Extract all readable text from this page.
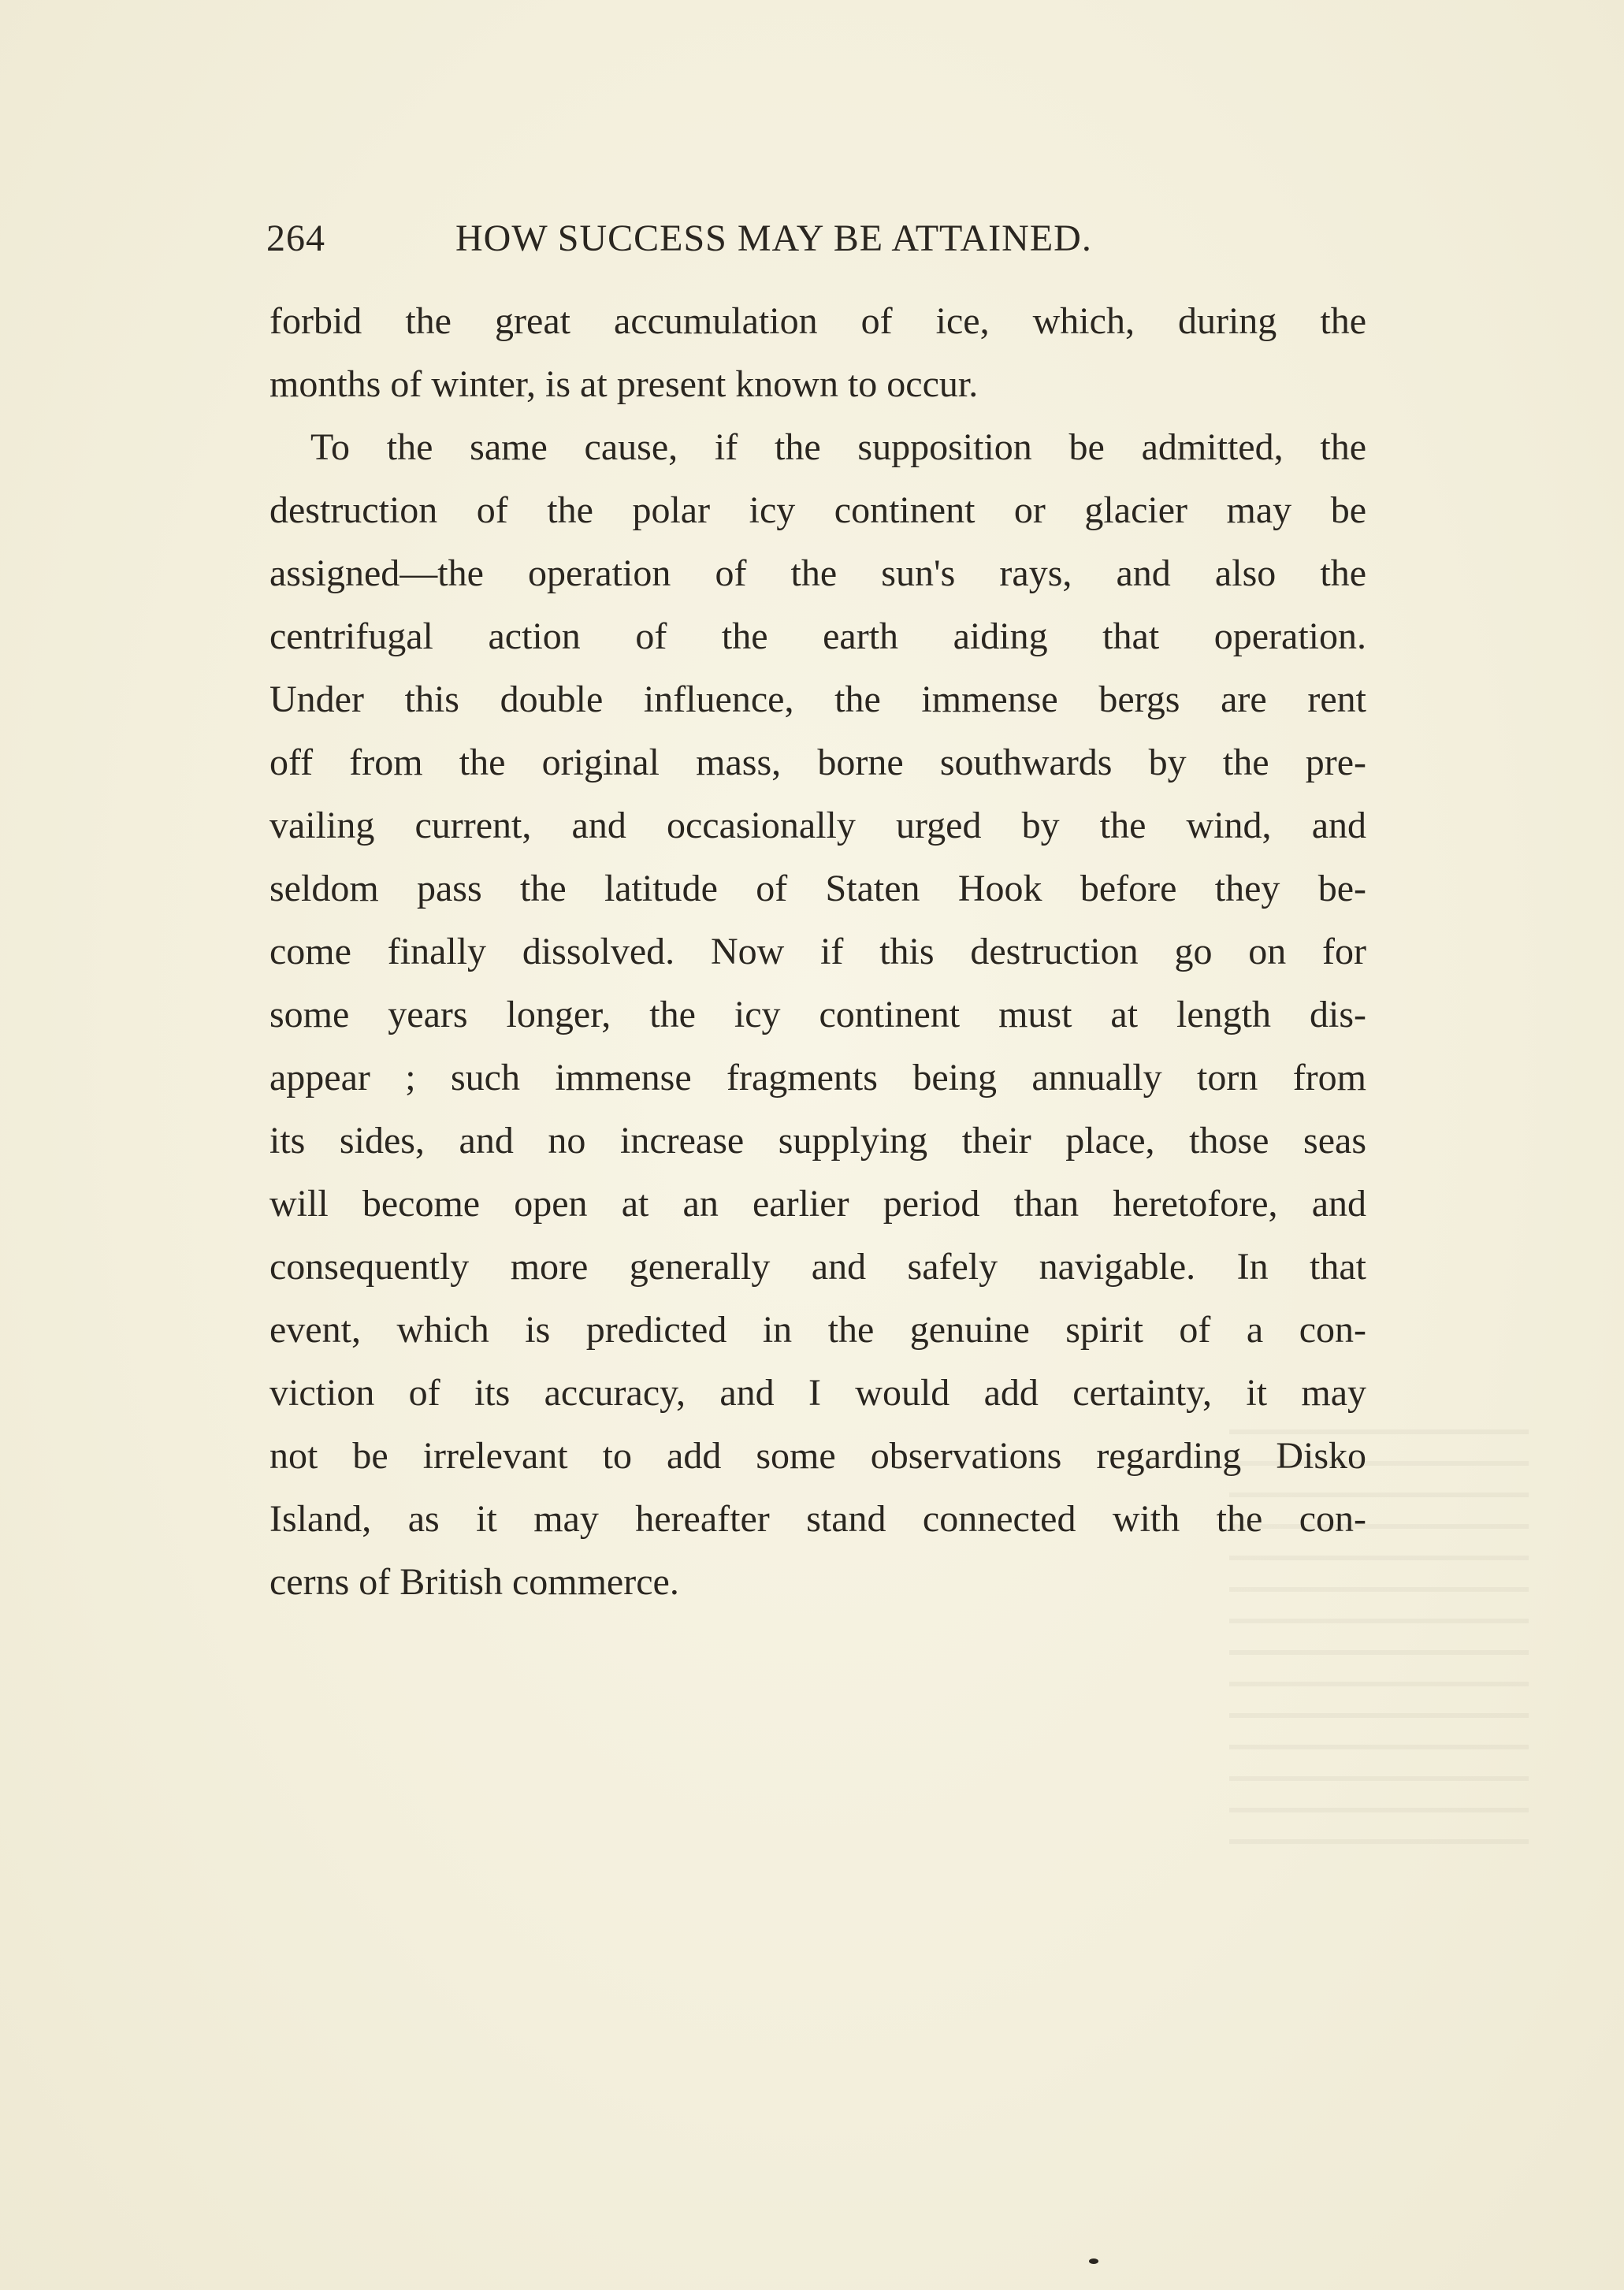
264	HOW SUCCESS MAY BE ATTAINED.
forbid the great accumulation of ice, which, during the
months of winter, is at present known to occur.
To the same cause, if the supposition be admitted, the
destruction of the polar icy continent or glacier may be
assigned—the operation of the sun's rays, and also the
centrifugal action of the earth aiding that operation.
Under this double influence, the immense bergs are rent
off from the original mass, borne southwards by the pre-
vailing current, and occasionally urged by the wind, and
seldom pass the latitude of Staten Hook before they be-
come finally dissolved. Now if this destruction go on for
some years longer, the icy continent must at length dis-
appear ; such immense fragments being annually torn from
its sides, and no increase supplying their place, those seas
will become open at an earlier period than heretofore, and
consequently more generally and safely navigable. In that
event, which is predicted in the genuine spirit of a con-
viction of its accuracy, and I would add certainty, it may
not be irrelevant to add some observations regarding Disko
Island, as it may hereafter stand connected with the con-
cerns of British commerce.
